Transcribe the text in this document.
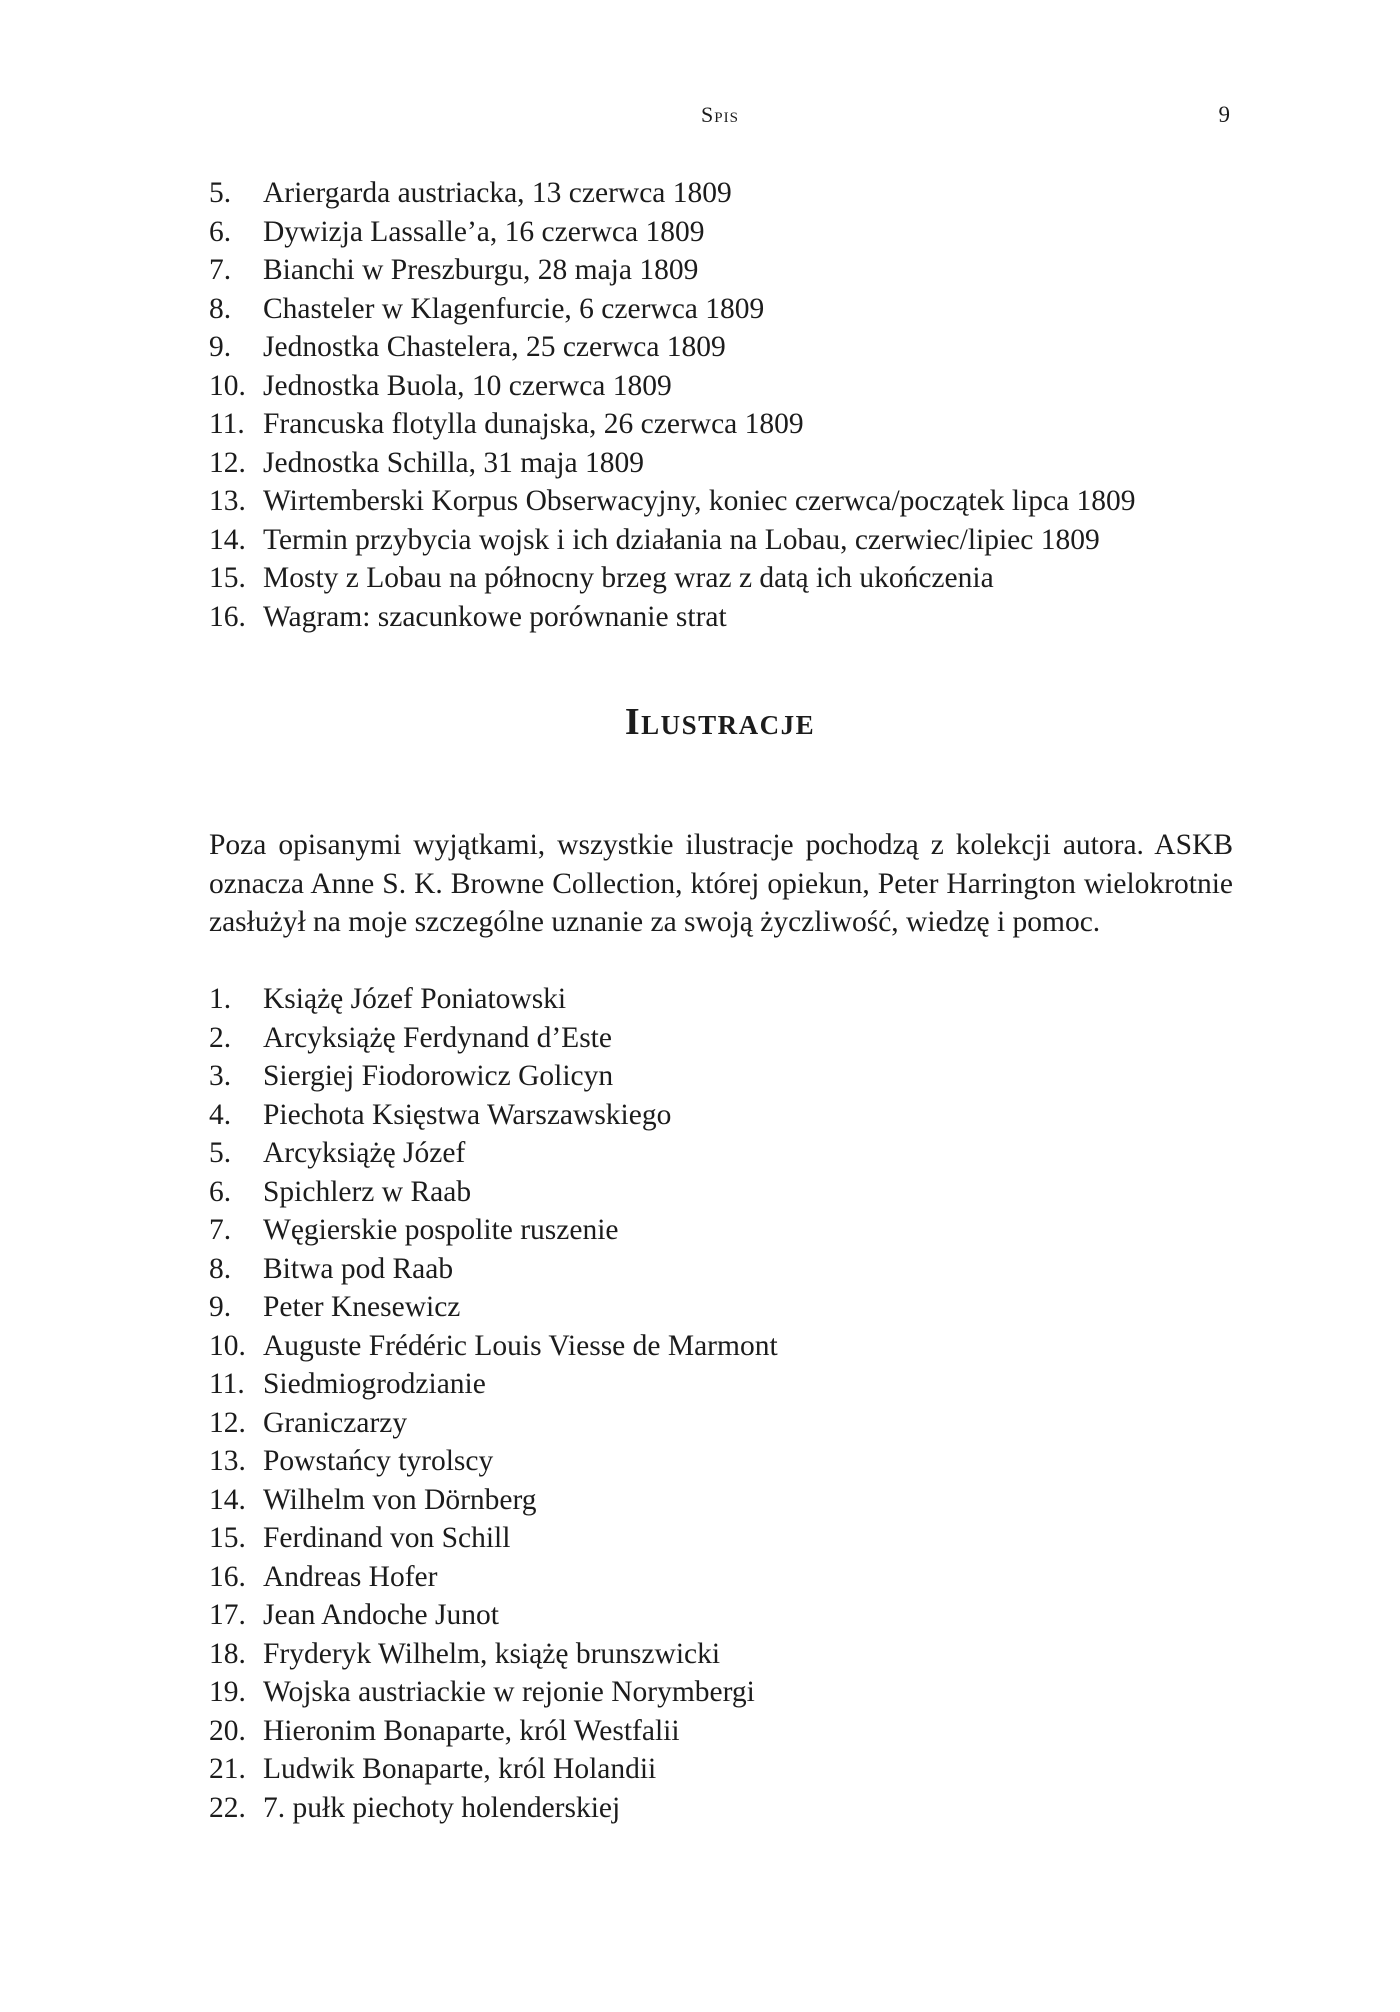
Spis	9
5.	Ariergarda austriacka, 13 czerwca 1809
6.	Dywizja Lassalle’a, 16 czerwca 1809
7.	Bianchi w Preszburgu, 28 maja 1809
8.	Chasteler w Klagenfurcie, 6 czerwca 1809
9.	Jednostka Chastelera, 25 czerwca 1809
10. Jednostka Buola, 10 czerwca 1809
11. Francuska flotylla dunajska, 26 czerwca 1809
12. Jednostka Schilla, 31 maja 1809
13. Wirtemberski Korpus Obserwacyjny, koniec czerwca/początek lipca 1809
14. Termin przybycia wojsk i ich działania na Lobau, czerwiec/lipiec 1809
15. Mosty z Lobau na północny brzeg wraz z datą ich ukończenia
16. Wagram: szacunkowe porównanie strat
Ilustracje

Poza opisanymi wyjątkami, wszystkie ilustracje pochodzą z kolekcji autora. ASKB oznacza Anne S. K. Browne Collection, której opiekun, Peter Harrington wielokrotnie zasłużył na moje szczególne uznanie za swoją życzliwość, wiedzę i pomoc.

1.	Książę Józef Poniatowski
2.	Arcyksiążę Ferdynand d’Este
3.	Siergiej Fiodorowicz Golicyn
4.	Piechota Księstwa Warszawskiego
5.	Arcyksiążę Józef
6.	Spichlerz w Raab
7.	Węgierskie pospolite ruszenie
8.	Bitwa pod Raab
9.	Peter Knesewicz
10. Auguste Frédéric Louis Viesse de Marmont
11. Siedmiogrodzianie
12. Graniczarzy
13. Powstańcy tyrolscy
14. Wilhelm von Dörnberg
15. Ferdinand von Schill
16. Andreas Hofer
17. Jean Andoche Junot
18. Fryderyk Wilhelm, książę brunszwicki
19. Wojska austriackie w rejonie Norymbergi
20. Hieronim Bonaparte, król Westfalii
21. Ludwik Bonaparte, król Holandii
22. 7. pułk piechoty holenderskiej
